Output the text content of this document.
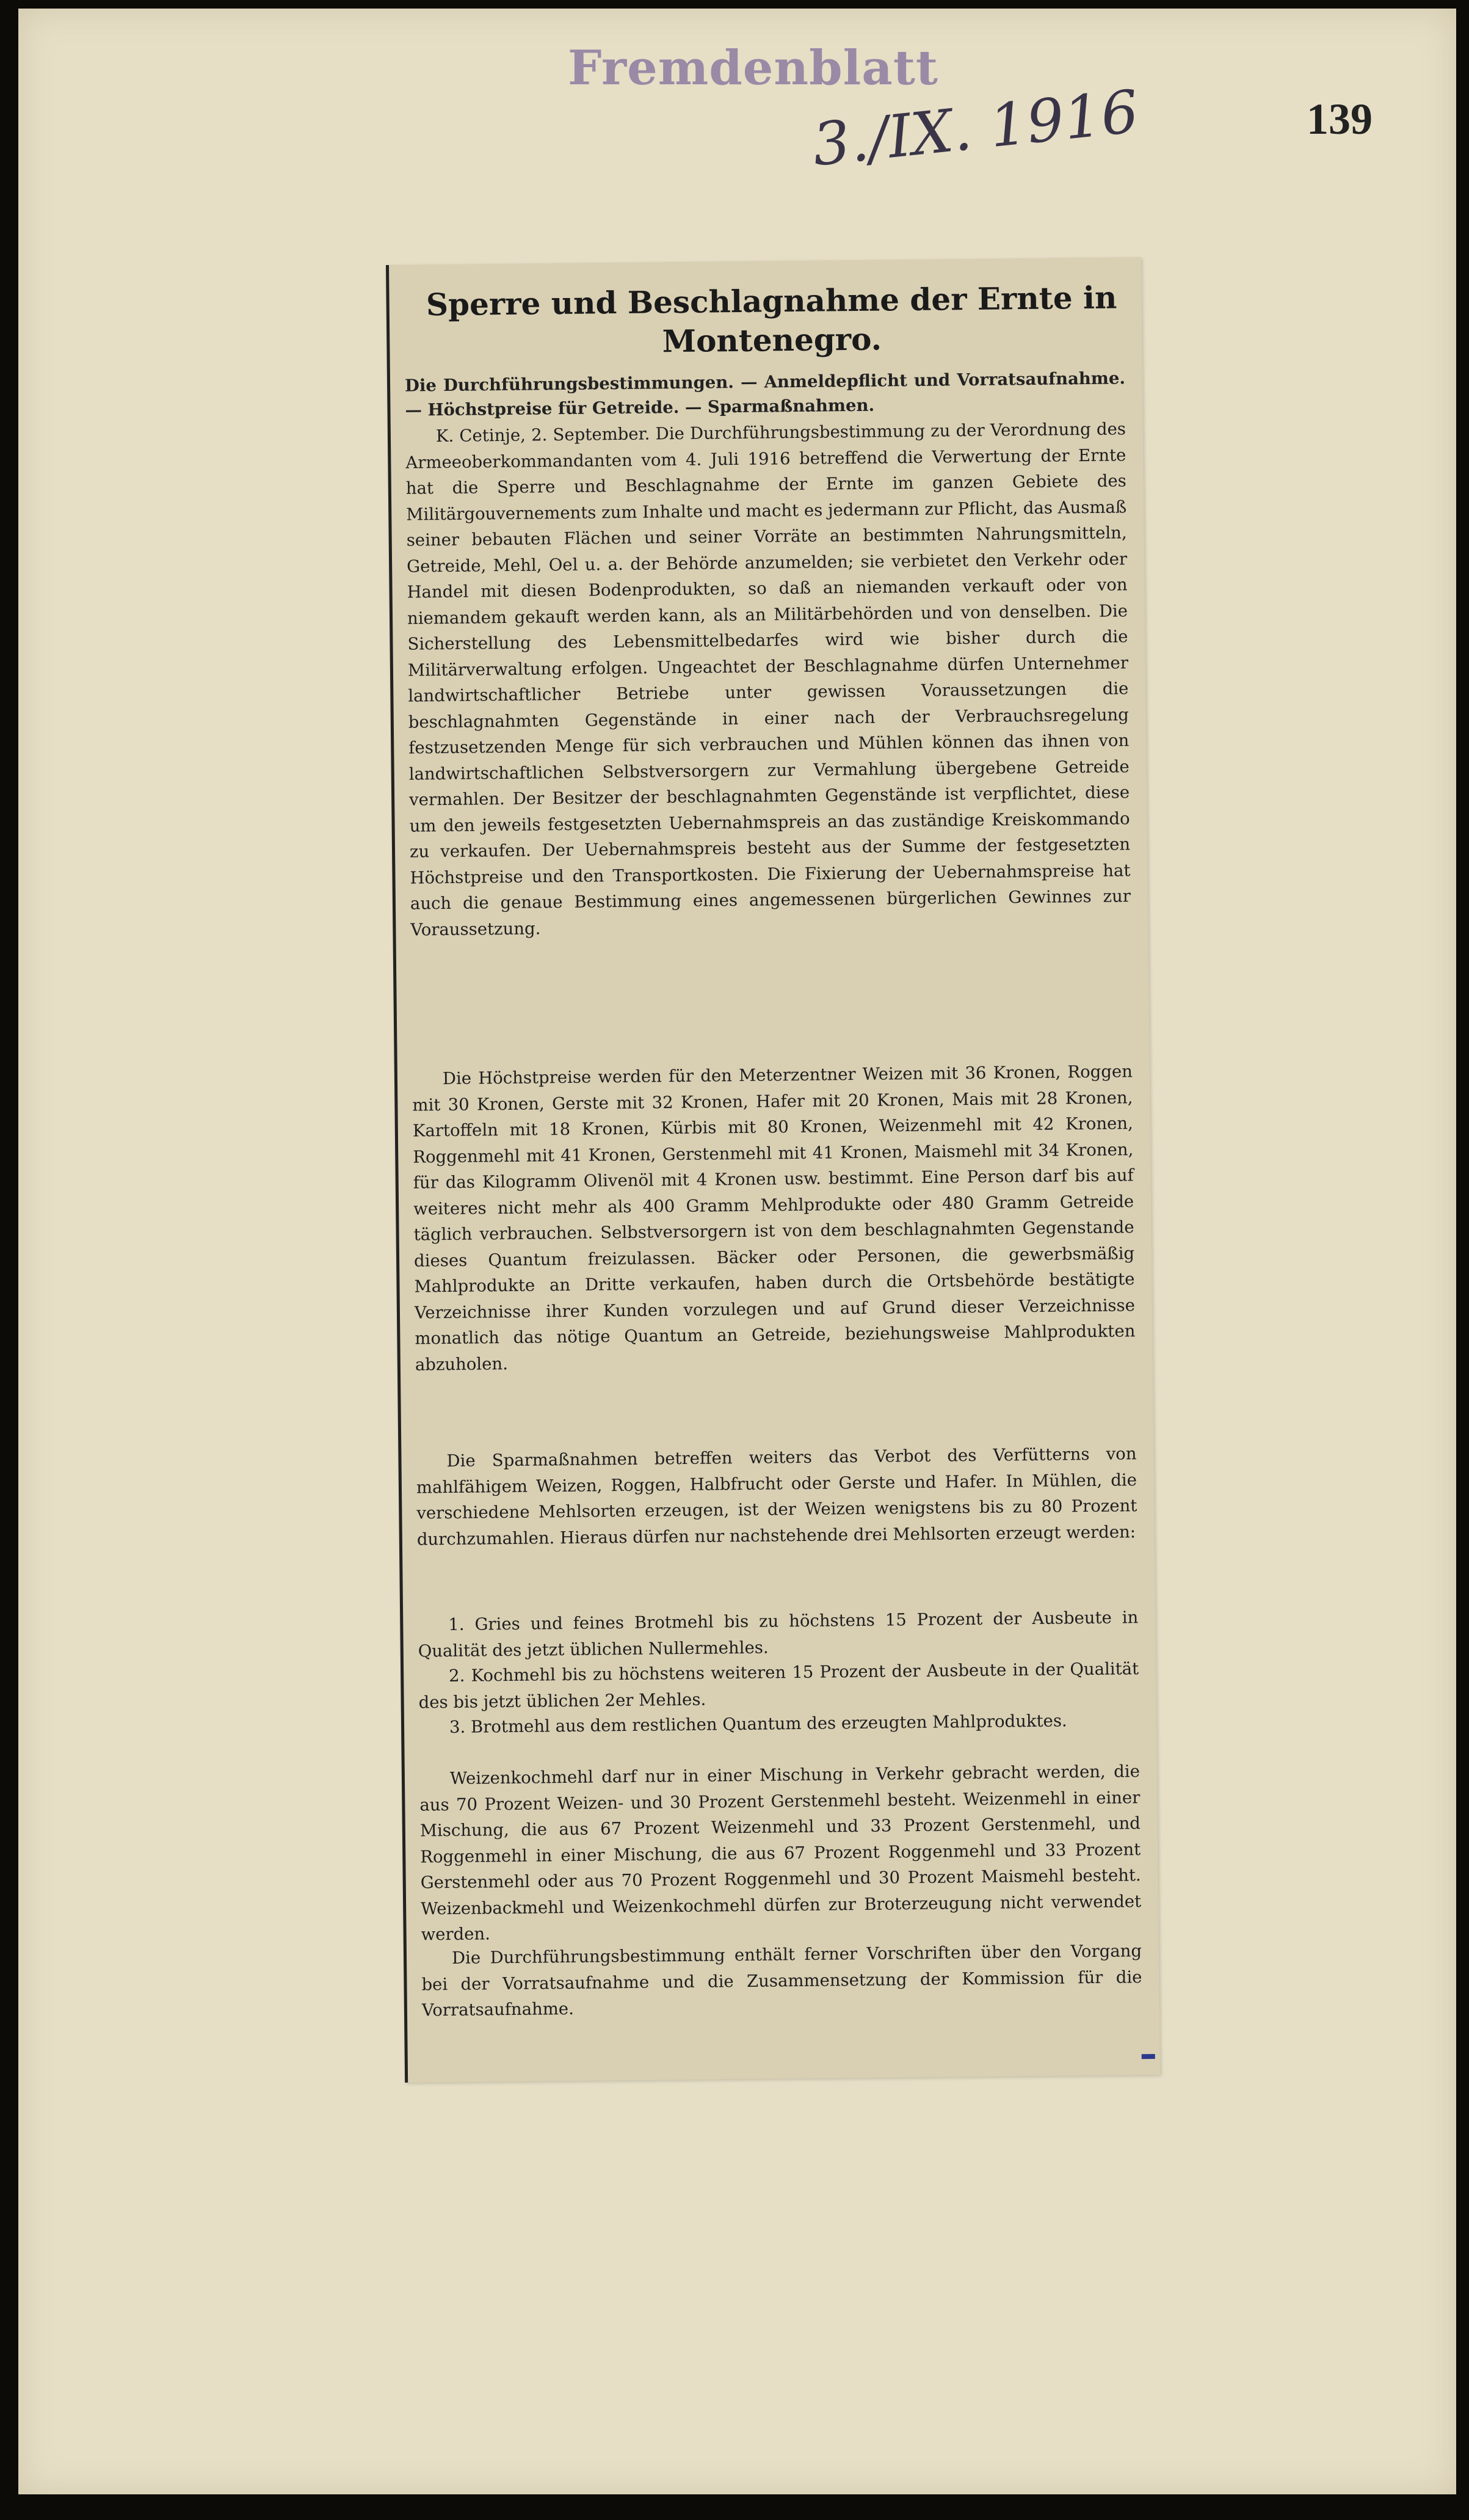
Fremdenblatt
3./IX. 1916	139
Sperre und Beschlagnahme der Ernte in
Montenegro.
Die Durchführungsbestimmungen. — Anmeldepflicht und Vorratsaufnahme. — Höchstpreise für Getreide. — Sparmaßnahmen.
K. Cetinje, 2. September. Die Durchführungsbestimmung zu der Verordnung des Armeeoberkommandanten vom 4. Juli 1916 betreffend die Verwertung der Ernte hat die Sperre und Beschlagnahme der Ernte im ganzen Gebiete des Militärgouvernements zum Inhalte und macht es jedermann zur Pflicht, das Ausmaß seiner bebauten Flächen und seiner Vorräte an bestimmten Nahrungsmitteln, Getreide, Mehl, Oel u. a. der Behörde anzumelden; sie verbietet den Verkehr oder Handel mit diesen Bodenprodukten, so daß an niemanden verkauft oder von niemandem gekauft werden kann, als an Militärbehörden und von denselben. Die Sicherstellung des Lebensmittelbedarfes wird wie bisher durch die Militärverwaltung erfolgen. Ungeachtet der Beschlagnahme dürfen Unternehmer landwirtschaftlicher Betriebe unter gewissen Voraussetzungen die beschlagnahmten Gegenstände in einer nach der Verbrauchsregelung festzusetzenden Menge für sich verbrauchen und Mühlen können das ihnen von landwirtschaftlichen Selbstversorgern zur Vermahlung übergebene Getreide vermahlen. Der Besitzer der beschlagnahmten Gegenstände ist verpflichtet, diese um den jeweils festgesetzten Uebernahmspreis an das zuständige Kreiskommando zu verkaufen. Der Uebernahmspreis besteht aus der Summe der festgesetzten Höchstpreise und den Transportkosten. Die Fixierung der Uebernahmspreise hat auch die genaue Bestimmung eines angemessenen bürgerlichen Gewinnes zur Voraussetzung.
Die Höchstpreise werden für den Meterzentner Weizen mit 36 Kronen, Roggen mit 30 Kronen, Gerste mit 32 Kronen, Hafer mit 20 Kronen, Mais mit 28 Kronen, Kartoffeln mit 18 Kronen, Kürbis mit 80 Kronen, Weizenmehl mit 42 Kronen, Roggenmehl mit 41 Kronen, Gerstenmehl mit 41 Kronen, Maismehl mit 34 Kronen, für das Kilogramm Olivenöl mit 4 Kronen usw. bestimmt. Eine Person darf bis auf weiteres nicht mehr als 400 Gramm Mehlprodukte oder 480 Gramm Getreide täglich verbrauchen. Selbstversorgern ist von dem beschlagnahmten Gegenstande dieses Quantum freizulassen. Bäcker oder Personen, die gewerbsmäßig Mahlprodukte an Dritte verkaufen, haben durch die Ortsbehörde bestätigte Verzeichnisse ihrer Kunden vorzulegen und auf Grund dieser Verzeichnisse monatlich das nötige Quantum an Getreide, beziehungsweise Mahlprodukten abzuholen.
Die Sparmaßnahmen betreffen weiters das Verbot des Verfütterns von mahlfähigem Weizen, Roggen, Halbfrucht oder Gerste und Hafer. In Mühlen, die verschiedene Mehlsorten erzeugen, ist der Weizen wenigstens bis zu 80 Prozent durchzumahlen. Hieraus dürfen nur nachstehende drei Mehlsorten erzeugt werden:
1. Gries und feines Brotmehl bis zu höchstens 15 Prozent der Ausbeute in Qualität des jetzt üblichen Nullermehles.
2. Kochmehl bis zu höchstens weiteren 15 Prozent der Ausbeute in der Qualität des bis jetzt üblichen 2er Mehles.
3. Brotmehl aus dem restlichen Quantum des erzeugten Mahlproduktes.
Weizenkochmehl darf nur in einer Mischung in Verkehr gebracht werden, die aus 70 Prozent Weizen- und 30 Prozent Gerstenmehl besteht. Weizenmehl in einer Mischung, die aus 67 Prozent Weizenmehl und 33 Prozent Gerstenmehl, und Roggenmehl in einer Mischung, die aus 67 Prozent Roggenmehl und 33 Prozent Gerstenmehl oder aus 70 Prozent Roggenmehl und 30 Prozent Maismehl besteht. Weizenbackmehl und Weizenkochmehl dürfen zur Broterzeugung nicht verwendet werden.
Die Durchführungsbestimmung enthält ferner Vorschriften über den Vorgang bei der Vorratsaufnahme und die Zusammensetzung der Kommission für die Vorratsaufnahme.
